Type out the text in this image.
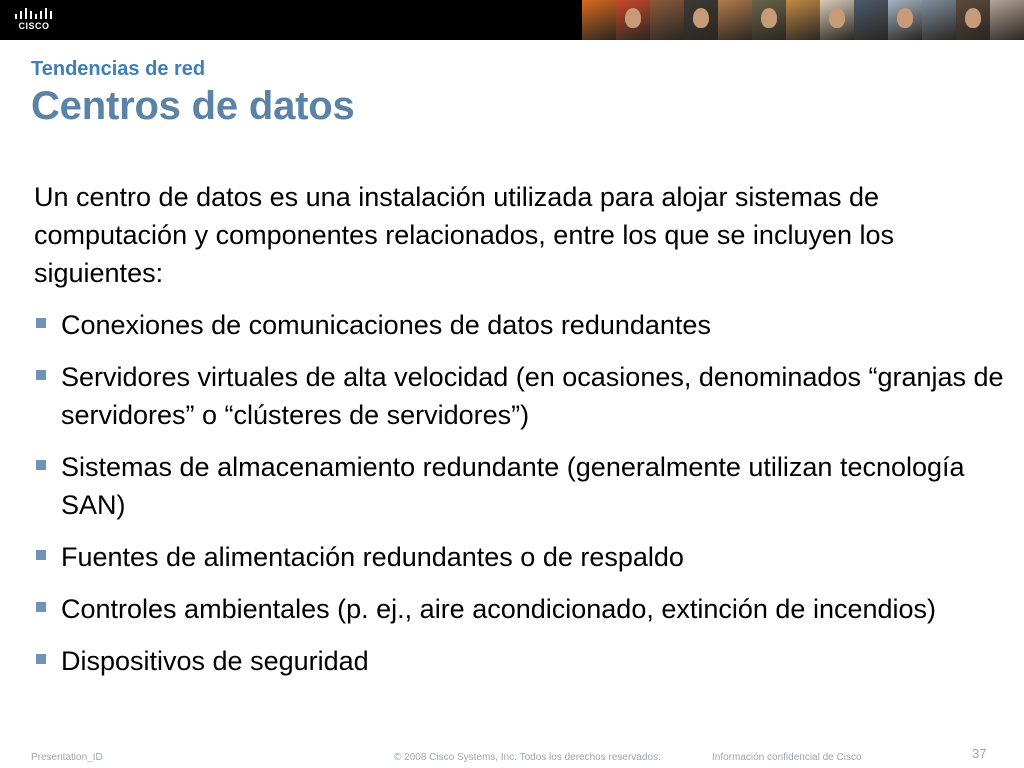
CISCO
Tendencias de red
Centros de datos
Un centro de datos es una instalación utilizada para alojar sistemas de computación y componentes relacionados, entre los que se incluyen los siguientes:
Conexiones de comunicaciones de datos redundantes
Servidores virtuales de alta velocidad (en ocasiones, denominados “granjas de servidores” o “clústeres de servidores”)
Sistemas de almacenamiento redundante (generalmente utilizan tecnología SAN)
Fuentes de alimentación redundantes o de respaldo
Controles ambientales (p. ej., aire acondicionado, extinción de incendios)
Dispositivos de seguridad
Presentation_ID	© 2008 Cisco Systems, Inc. Todos los derechos reservados.	Información confidencial de Cisco	37
